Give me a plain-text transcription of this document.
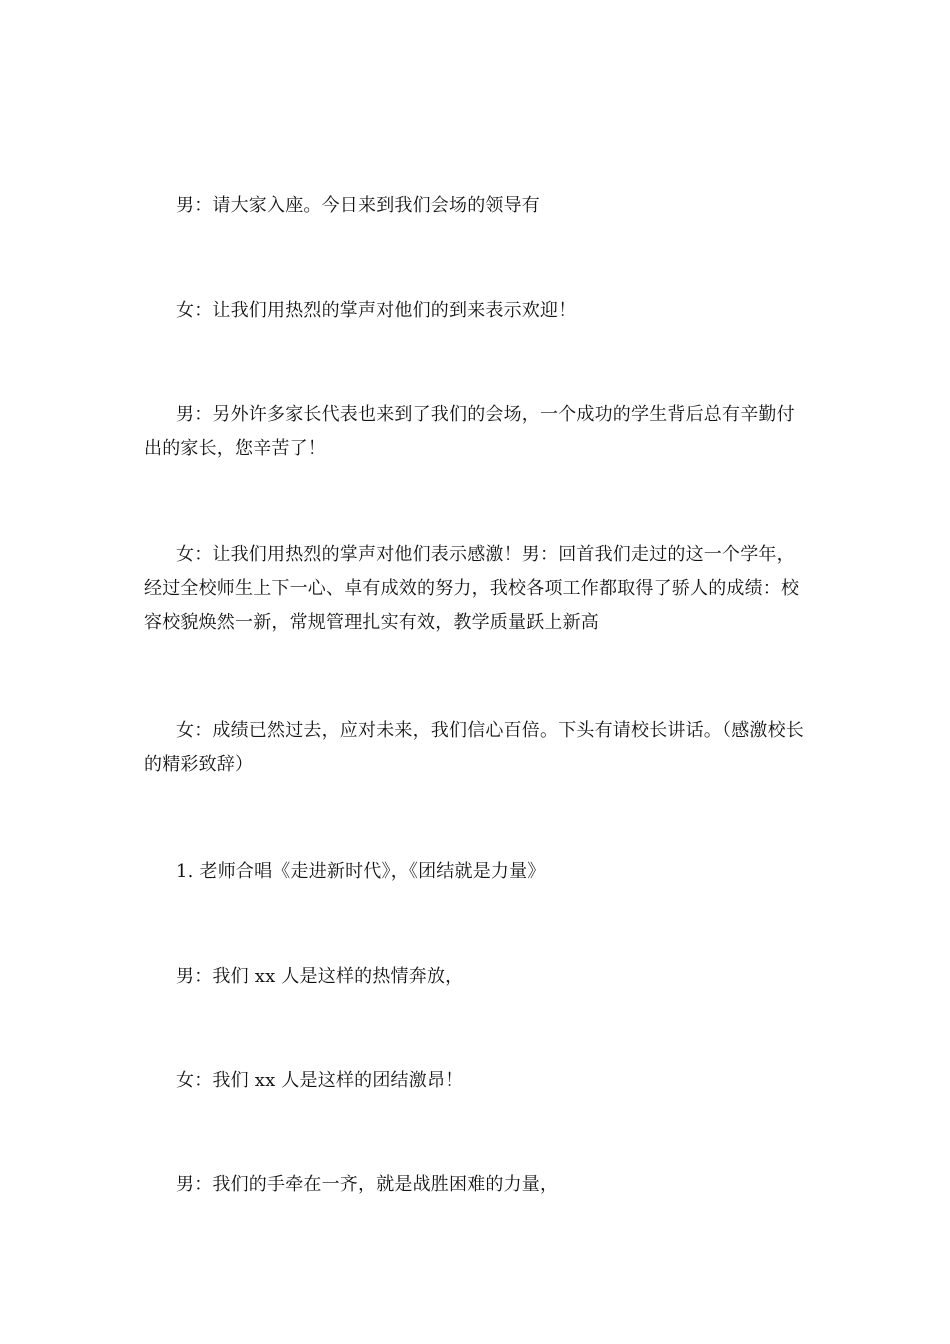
男：请大家入座。今日来到我们会场的领导有

女：让我们用热烈的掌声对他们的到来表示欢迎！

男：另外许多家长代表也来到了我们的会场，一个成功的学生背后总有辛勤付出的家长，您辛苦了！

女：让我们用热烈的掌声对他们表示感激！男：回首我们走过的这一个学年，经过全校师生上下一心、卓有成效的努力，我校各项工作都取得了骄人的成绩：校容校貌焕然一新，常规管理扎实有效，教学质量跃上新高

女：成绩已然过去，应对未来，我们信心百倍。下头有请校长讲话。（感激校长的精彩致辞）

1. 老师合唱《走进新时代》，《团结就是力量》

男：我们 xx 人是这样的热情奔放，

女：我们 xx 人是这样的团结激昂！

男：我们的手牵在一齐，就是战胜困难的力量，
